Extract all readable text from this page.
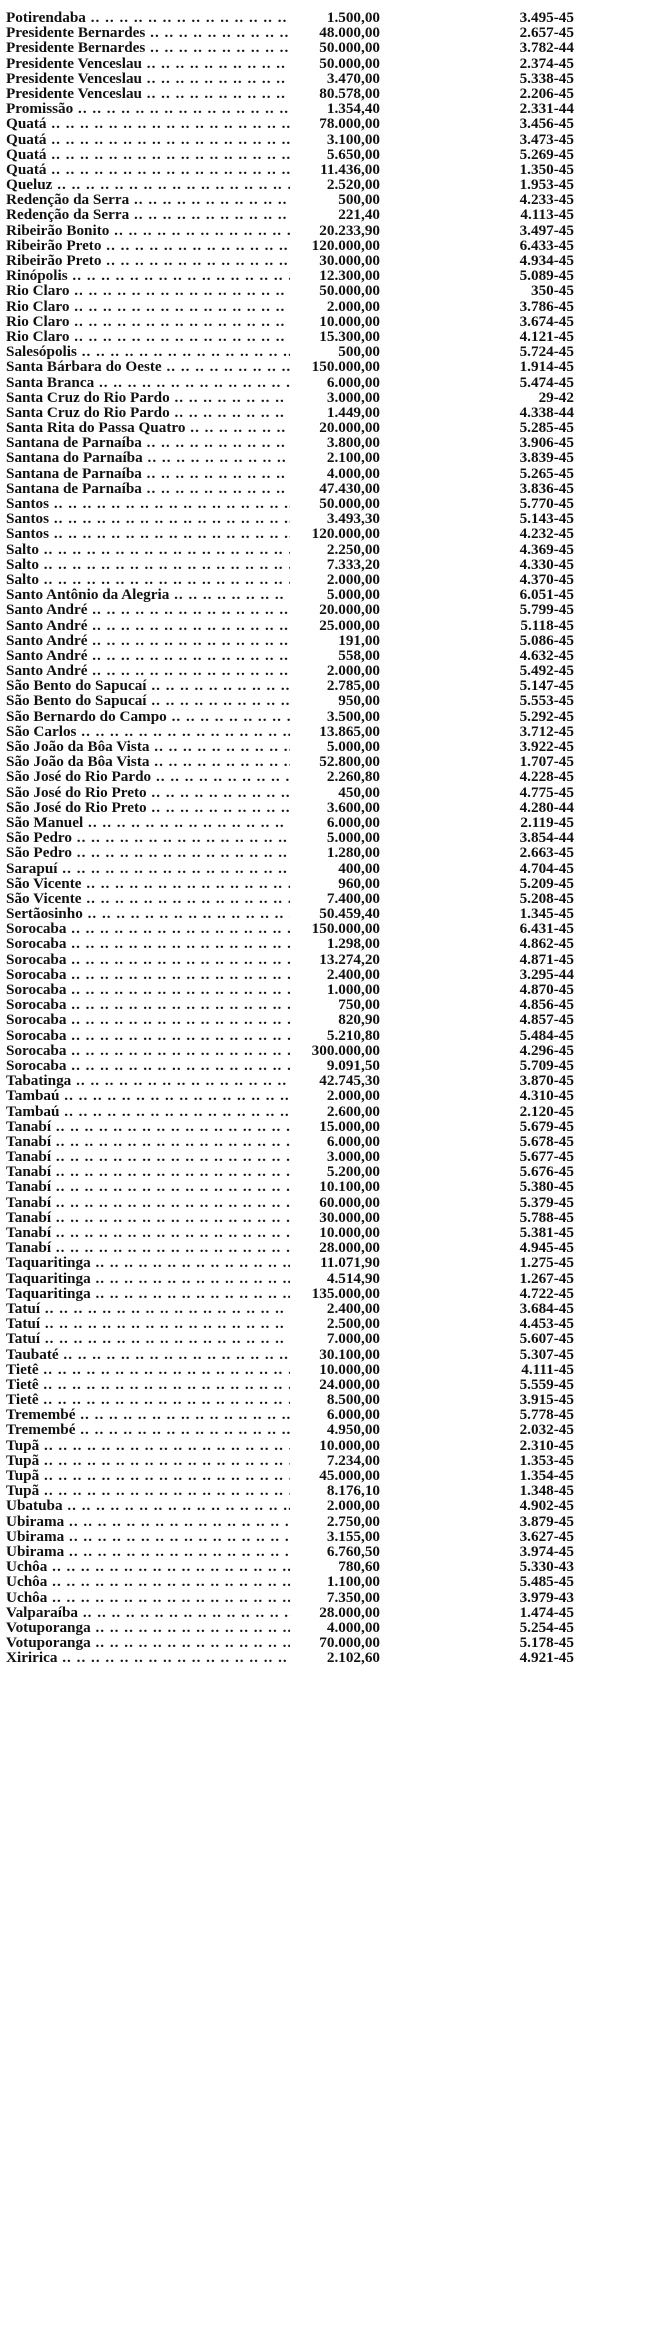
Potirendaba .. ..	1.500,00	3.495-45
Presidente Bernardes .. ..	48.000,00	2.657-45
Presidente Bernardes .. ..	50.000,00	3.782-44
Presidente Venceslau .. ..	50.000,00	2.374-45
Presidente Venceslau .. ..	3.470,00	5.338-45
Presidente Venceslau .. ..	80.578,00	2.206-45
Promissão .. ..	1.354,40	2.331-44
Quatá .. ..	78.000,00	3.456-45
Quatá .. ..	3.100,00	3.473-45
Quatá .. ..	5.650,00	5.269-45
Quatá .. ..	11.436,00	1.350-45
Queluz .. ..	2.520,00	1.953-45
Redenção da Serra .. ..	500,00	4.233-45
Redenção da Serra .. ..	221,40	4.113-45
Ribeirão Bonito .. ..	20.233,90	3.497-45
Ribeirão Preto .. ..	120.000,00	6.433-45
Ribeirão Preto .. ..	30.000,00	4.934-45
Rinópolis .. ..	12.300,00	5.089-45
Rio Claro .. ..	50.000,00	350-45
Rio Claro .. ..	2.000,00	3.786-45
Rio Claro .. ..	10.000,00	3.674-45
Rio Claro .. ..	15.300,00	4.121-45
Salesópolis .. ..	500,00	5.724-45
Santa Bárbara do Oeste .. ..	150.000,00	1.914-45
Santa Branca .. ..	6.000,00	5.474-45
Santa Cruz do Rio Pardo .. ..	3.000,00	29-42
Santa Cruz do Rio Pardo .. ..	1.449,00	4.338-44
Santa Rita do Passa Quatro .. ..	20.000,00	5.285-45
Santana de Parnaíba .. ..	3.800,00	3.906-45
Santana do Parnaíba .. ..	2.100,00	3.839-45
Santana de Parnaíba .. ..	4.000,00	5.265-45
Santana de Parnaíba .. ..	47.430,00	3.836-45
Santos .. ..	50.000,00	5.770-45
Santos .. ..	3.493,30	5.143-45
Santos .. ..	120.000,00	4.232-45
Salto .. ..	2.250,00	4.369-45
Salto .. ..	7.333,20	4.330-45
Salto .. ..	2.000,00	4.370-45
Santo Antônio da Alegria .. ..	5.000,00	6.051-45
Santo André .. ..	20.000,00	5.799-45
Santo André .. ..	25.000,00	5.118-45
Santo André .. ..	191,00	5.086-45
Santo André .. ..	558,00	4.632-45
Santo André .. ..	2.000,00	5.492-45
São Bento do Sapucaí .. ..	2.785,00	5.147-45
São Bento do Sapucaí .. ..	950,00	5.553-45
São Bernardo do Campo .. ..	3.500,00	5.292-45
São Carlos .. ..	13.865,00	3.712-45
São João da Bôa Vista .. ..	5.000,00	3.922-45
São João da Bôa Vista .. ..	52.800,00	1.707-45
São José do Rio Pardo .. ..	2.260,80	4.228-45
São José do Rio Preto .. ..	450,00	4.775-45
São José do Rio Preto .. ..	3.600,00	4.280-44
São Manuel .. ..	6.000,00	2.119-45
São Pedro .. ..	5.000,00	3.854-44
São Pedro .. ..	1.280,00	2.663-45
Sarapuí .. ..	400,00	4.704-45
São Vicente .. ..	960,00	5.209-45
São Vicente .. ..	7.400,00	5.208-45
Sertãosinho .. ..	50.459,40	1.345-45
Sorocaba .. ..	150.000,00	6.431-45
Sorocaba .. ..	1.298,00	4.862-45
Sorocaba .. ..	13.274,20	4.871-45
Sorocaba .. ..	2.400,00	3.295-44
Sorocaba .. ..	1.000,00	4.870-45
Sorocaba .. ..	750,00	4.856-45
Sorocaba .. ..	820,90	4.857-45
Sorocaba .. ..	5.210,80	5.484-45
Sorocaba .. ..	300.000,00	4.296-45
Sorocaba .. ..	9.091,50	5.709-45
Tabatinga .. ..	42.745,30	3.870-45
Tambaú .. ..	2.000,00	4.310-45
Tambaú .. ..	2.600,00	2.120-45
Tanabí .. ..	15.000,00	5.679-45
Tanabí .. ..	6.000,00	5.678-45
Tanabí .. ..	3.000,00	5.677-45
Tanabí .. ..	5.200,00	5.676-45
Tanabí .. ..	10.100,00	5.380-45
Tanabí .. ..	60.000,00	5.379-45
Tanabí .. ..	30.000,00	5.788-45
Tanabí .. ..	10.000,00	5.381-45
Tanabí .. ..	28.000,00	4.945-45
Taquaritinga .. ..	11.071,90	1.275-45
Taquaritinga .. ..	4.514,90	1.267-45
Taquaritinga .. ..	135.000,00	4.722-45
Tatuí .. ..	2.400,00	3.684-45
Tatuí .. ..	2.500,00	4.453-45
Tatuí .. ..	7.000,00	5.607-45
Taubaté .. ..	30.100,00	5.307-45
Tietê .. ..	10.000,00	4.111-45
Tietê .. ..	24.000,00	5.559-45
Tietê .. ..	8.500,00	3.915-45
Tremembé .. ..	6.000,00	5.778-45
Tremembé .. ..	4.950,00	2.032-45
Tupã .. ..	10.000,00	2.310-45
Tupã .. ..	7.234,00	1.353-45
Tupã .. ..	45.000,00	1.354-45
Tupã .. ..	8.176,10	1.348-45
Ubatuba .. ..	2.000,00	4.902-45
Ubirama .. ..	2.750,00	3.879-45
Ubirama .. ..	3.155,00	3.627-45
Ubirama .. ..	6.760,50	3.974-45
Uchôa .. ..	780,60	5.330-43
Uchôa .. ..	1.100,00	5.485-45
Uchôa .. ..	7.350,00	3.979-43
Valparaíba .. ..	28.000,00	1.474-45
Votuporanga .. ..	4.000,00	5.254-45
Votuporanga .. ..	70.000,00	5.178-45
Xiririca .. ..	2.102,60	4.921-45
